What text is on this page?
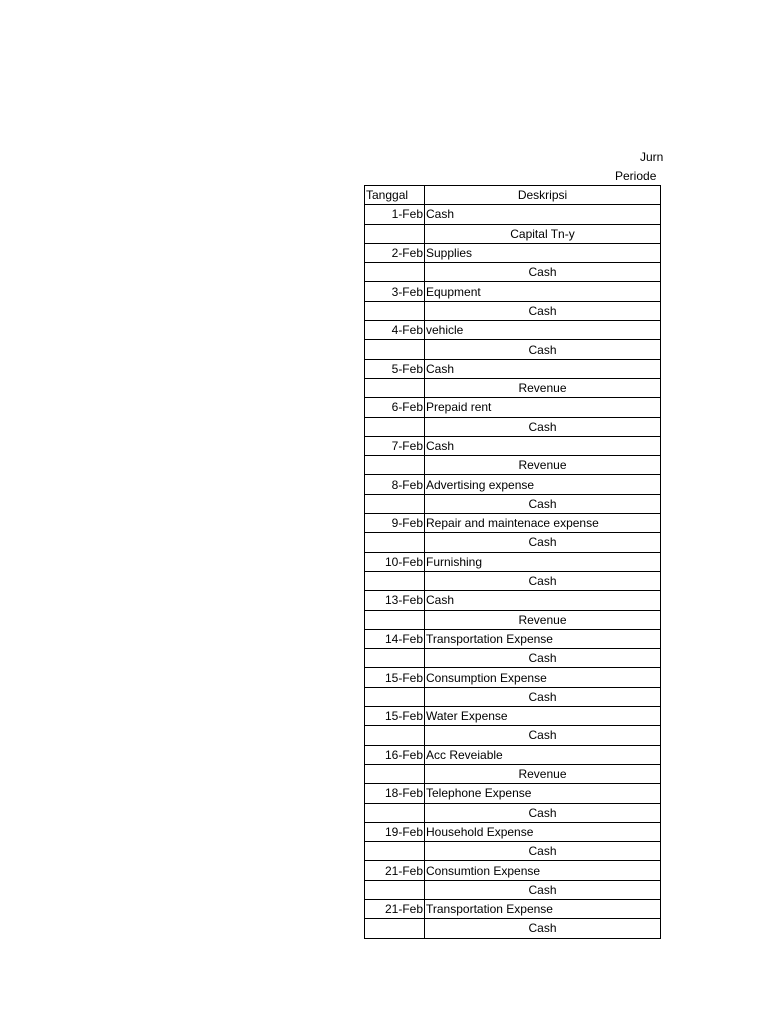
Jurn
Periode
Tanggal	Deskripsi
1-Feb	Cash
	Capital Tn-y
2-Feb	Supplies
	Cash
3-Feb	Equpment
	Cash
4-Feb	vehicle
	Cash
5-Feb	Cash
	Revenue
6-Feb	Prepaid rent
	Cash
7-Feb	Cash
	Revenue
8-Feb	Advertising expense
	Cash
9-Feb	Repair and maintenace expense
	Cash
10-Feb	Furnishing
	Cash
13-Feb	Cash
	Revenue
14-Feb	Transportation Expense
	Cash
15-Feb	Consumption Expense
	Cash
15-Feb	Water Expense
	Cash
16-Feb	Acc Reveiable
	Revenue
18-Feb	Telephone Expense
	Cash
19-Feb	Household Expense
	Cash
21-Feb	Consumtion Expense
	Cash
21-Feb	Transportation Expense
	Cash
